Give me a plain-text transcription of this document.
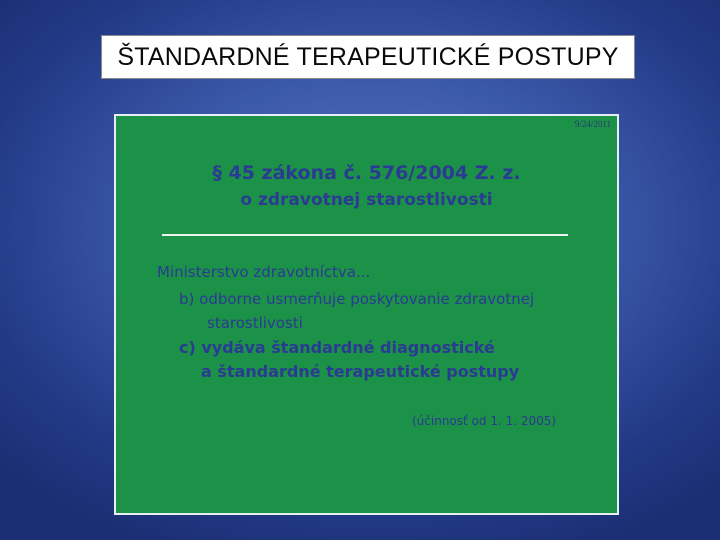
ŠTANDARDNÉ TERAPEUTICKÉ POSTUPY
9/24/2011
§ 45 zákona č. 576/2004 Z. z.
o zdravotnej starostlivosti
Ministerstvo zdravotníctva...
b) odborne usmerňuje poskytovanie zdravotnej
starostlivosti
c) vydáva štandardné diagnostické
a štandardné terapeutické postupy
(účinnosť od 1. 1. 2005)
